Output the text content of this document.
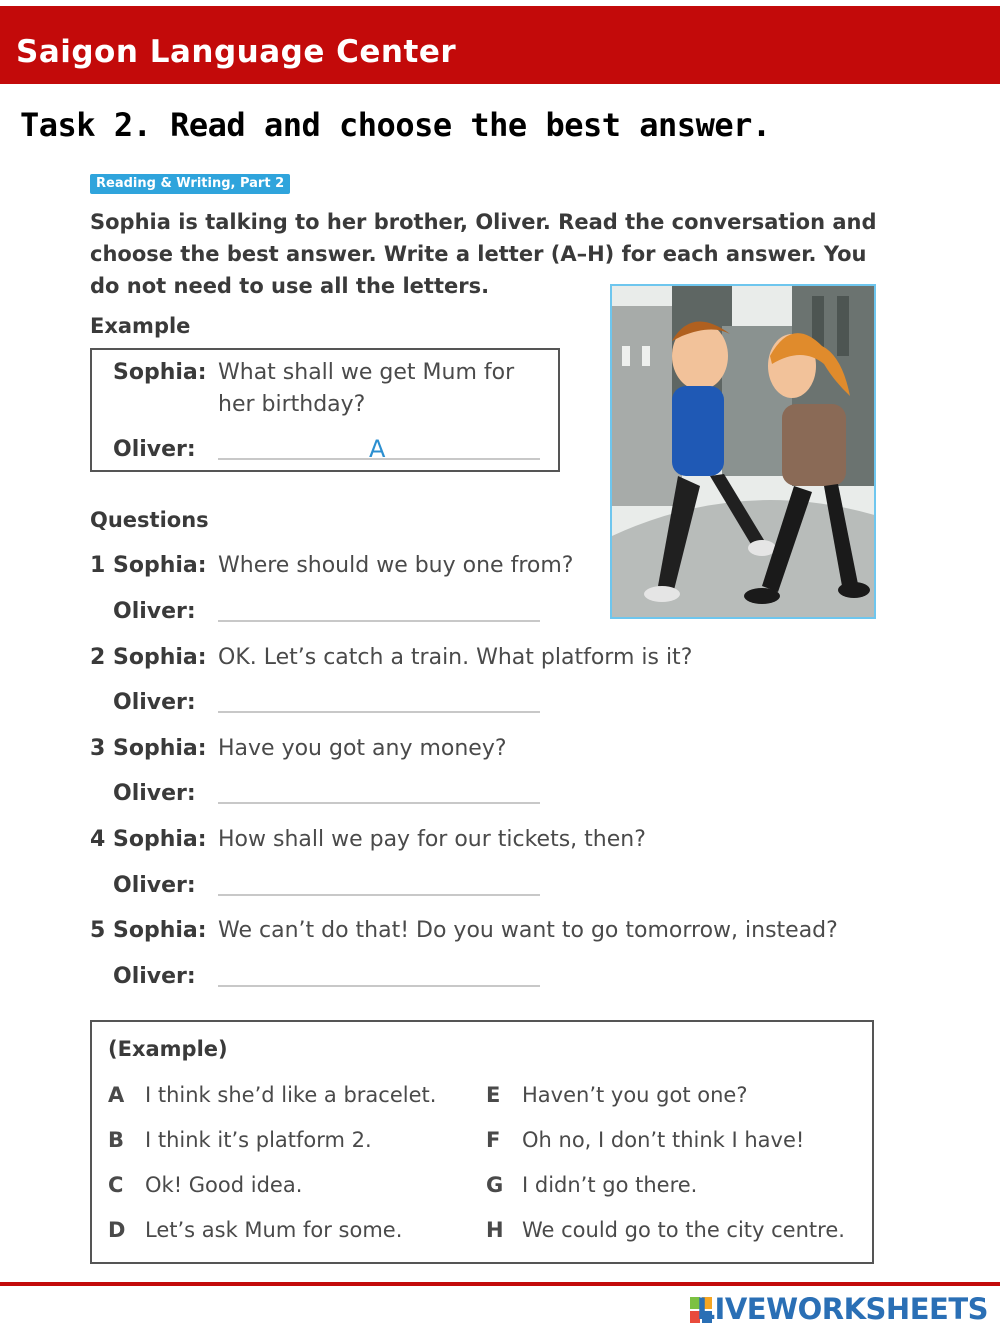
Saigon Language Center
Task 2. Read and choose the best answer.
Reading & Writing, Part 2
Sophia is talking to her brother, Oliver. Read the conversation and choose the best answer. Write a letter (A–H) for each answer. You do not need to use all the letters.
Example
Sophia: What shall we get Mum for
her birthday?
Oliver:	A
Questions
1 Sophia: Where should we buy one from?
Oliver:
2 Sophia: OK. Let’s catch a train. What platform is it?
Oliver:
3 Sophia: Have you got any money?
Oliver:
4 Sophia: How shall we pay for our tickets, then?
Oliver:
5 Sophia: We can’t do that! Do you want to go tomorrow, instead?
Oliver:
(Example)
A I think she’d like a bracelet.
B I think it’s platform 2.
C Ok! Good idea.
D Let’s ask Mum for some.
E Haven’t you got one?
F Oh no, I don’t think I have!
G I didn’t go there.
H We could go to the city centre.
LIVEWORKSHEETS
